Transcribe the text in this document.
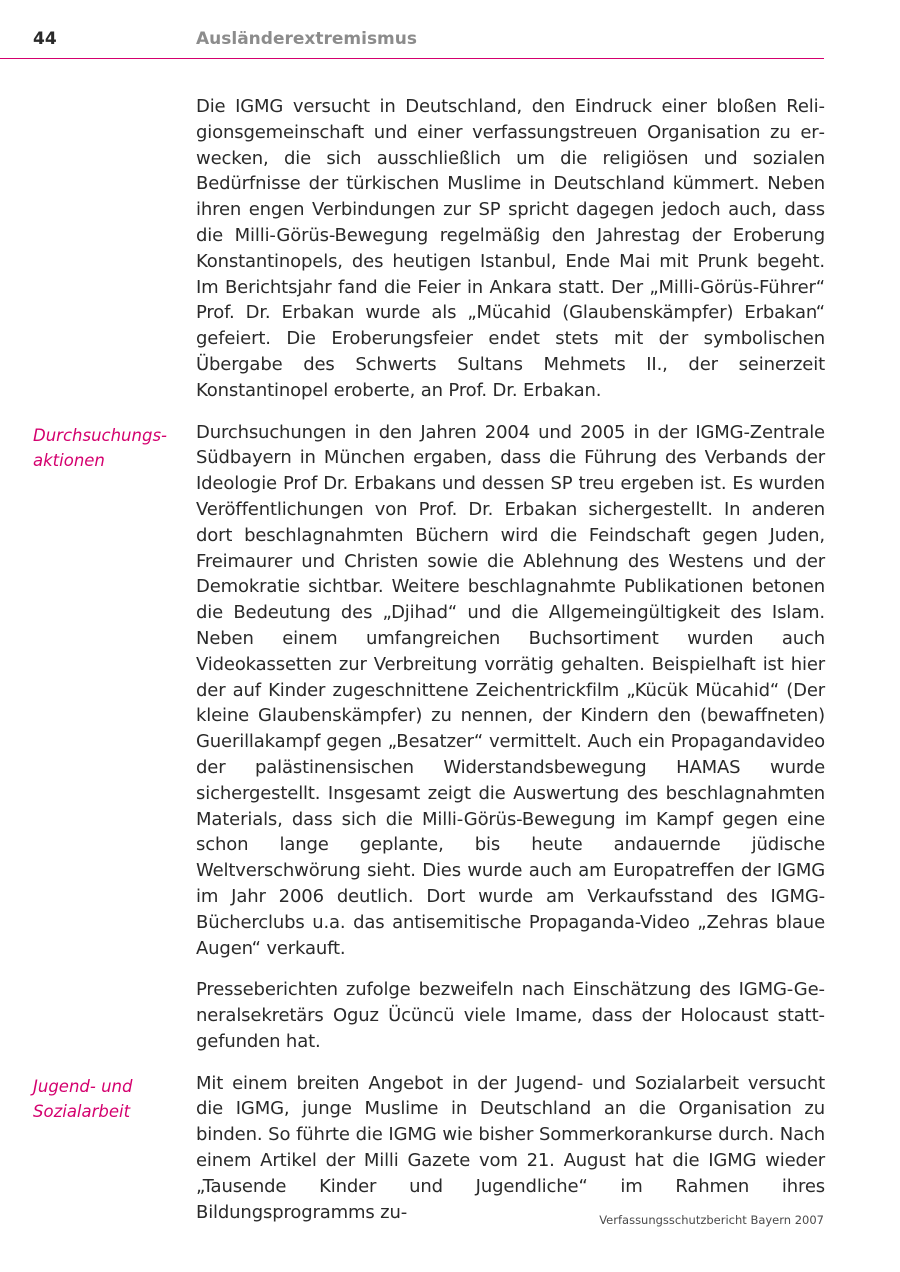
44	Ausländerextremismus

Die IGMG versucht in Deutschland, den Eindruck einer bloßen Religionsgemeinschaft und einer verfassungstreuen Organisation zu erwecken, die sich ausschließlich um die religiösen und sozialen Bedürfnisse der türkischen Muslime in Deutschland kümmert. Neben ihren engen Verbindungen zur SP spricht dagegen jedoch auch, dass die Milli-Görüs-Bewegung regelmäßig den Jahrestag der Eroberung Konstantinopels, des heutigen Istanbul, Ende Mai mit Prunk begeht. Im Berichtsjahr fand die Feier in Ankara statt. Der „Milli-Görüs-Führer“ Prof. Dr. Erbakan wurde als „Mücahid (Glaubenskämpfer) Erbakan“ gefeiert. Die Eroberungsfeier endet stets mit der symbolischen Übergabe des Schwerts Sultans Mehmets II., der seinerzeit Konstantinopel eroberte, an Prof. Dr. Erbakan.

Durchsuchungs-
aktionen

Durchsuchungen in den Jahren 2004 und 2005 in der IGMG-Zentrale Südbayern in München ergaben, dass die Führung des Verbands der Ideologie Prof Dr. Erbakans und dessen SP treu ergeben ist. Es wurden Veröffentlichungen von Prof. Dr. Erbakan sichergestellt. In anderen dort beschlagnahmten Büchern wird die Feindschaft gegen Juden, Freimaurer und Christen sowie die Ablehnung des Westens und der Demokratie sichtbar. Weitere beschlagnahmte Publikationen betonen die Bedeutung des „Djihad“ und die Allgemeingültigkeit des Islam. Neben einem umfangreichen Buchsortiment wurden auch Videokassetten zur Verbreitung vorrätig gehalten. Beispielhaft ist hier der auf Kinder zugeschnittene Zeichentrickfilm „Kücük Mücahid“ (Der kleine Glaubenskämpfer) zu nennen, der Kindern den (bewaffneten) Guerillakampf gegen „Besatzer“ vermittelt. Auch ein Propagandavideo der palästinensischen Widerstandsbewegung HAMAS wurde sichergestellt. Insgesamt zeigt die Auswertung des beschlagnahmten Materials, dass sich die Milli-Görüs-Bewegung im Kampf gegen eine schon lange geplante, bis heute andauernde jüdische Weltverschwörung sieht. Dies wurde auch am Europatreffen der IGMG im Jahr 2006 deutlich. Dort wurde am Verkaufsstand des IGMG-Bücherclubs u.a. das antisemitische Propaganda-Video „Zehras blaue Augen“ verkauft.

Presseberichten zufolge bezweifeln nach Einschätzung des IGMG-Generalsekretärs Oguz Ücüncü viele Imame, dass der Holocaust stattgefunden hat.

Jugend- und
Sozialarbeit

Mit einem breiten Angebot in der Jugend- und Sozialarbeit versucht die IGMG, junge Muslime in Deutschland an die Organisation zu binden. So führte die IGMG wie bisher Sommerkorankurse durch. Nach einem Artikel der Milli Gazete vom 21. August hat die IGMG wieder „Tausende Kinder und Jugendliche“ im Rahmen ihres Bildungsprogramms zu-	Verfassungsschutzbericht Bayern 2007
